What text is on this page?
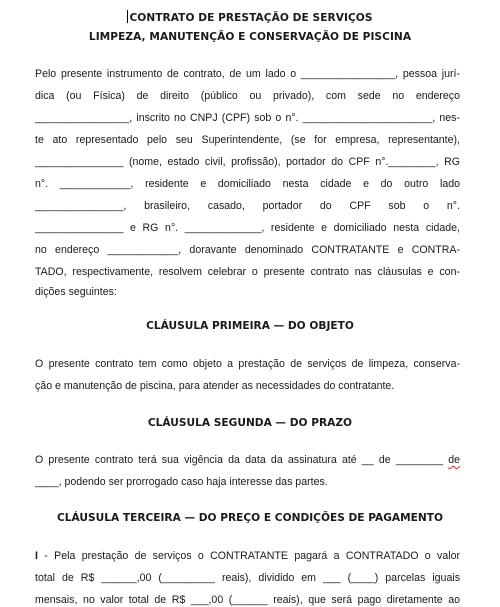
CONTRATO DE PRESTAÇÃO DE SERVIÇOS
LIMPEZA, MANUTENÇÃO E CONSERVAÇÃO DE PISCINA
Pelo presente instrumento de contrato, de um lado o ________________, pessoa jurí-
dica (ou Física) de direito (público ou privado), com sede no endereço
________________, inscrito no CNPJ (CPF) sob o n°. ______________________, nes-
te ato representado pelo seu Superintendente, (se for empresa, representante),
_______________ (nome, estado civil, profissão), portador do CPF n°.________, RG
n°. ____________, residente e domiciliado nesta cidade e do outro lado
_______________, brasileiro, casado, portador do CPF sob o n°.
_______________ e RG n°. _____________, residente e domiciliado nesta cidade,
no endereço ____________, doravante denominado CONTRATANTE e CONTRA-
TADO, respectivamente, resolvem celebrar o presente contrato nas cláusulas e con-
dições seguintes:
CLÁUSULA PRIMEIRA — DO OBJETO
O presente contrato tem como objeto a prestação de serviços de limpeza, conserva-
ção e manutenção de piscina, para atender as necessidades do contratante.
CLÁUSULA SEGUNDA — DO PRAZO
O presente contrato terá sua vigência da data da assinatura até __ de ________ de
____, podendo ser prorrogado caso haja interesse das partes.
CLÁUSULA TERCEIRA — DO PREÇO E CONDIÇÕES DE PAGAMENTO
I - Pela prestação de serviços o CONTRATANTE pagará a CONTRATADO o valor
total de R$ ______,00 (_________ reais), dividido em ___ (____) parcelas iguais
mensais, no valor total de R$ ___,00 (______ reais), que será pago diretamente ao
